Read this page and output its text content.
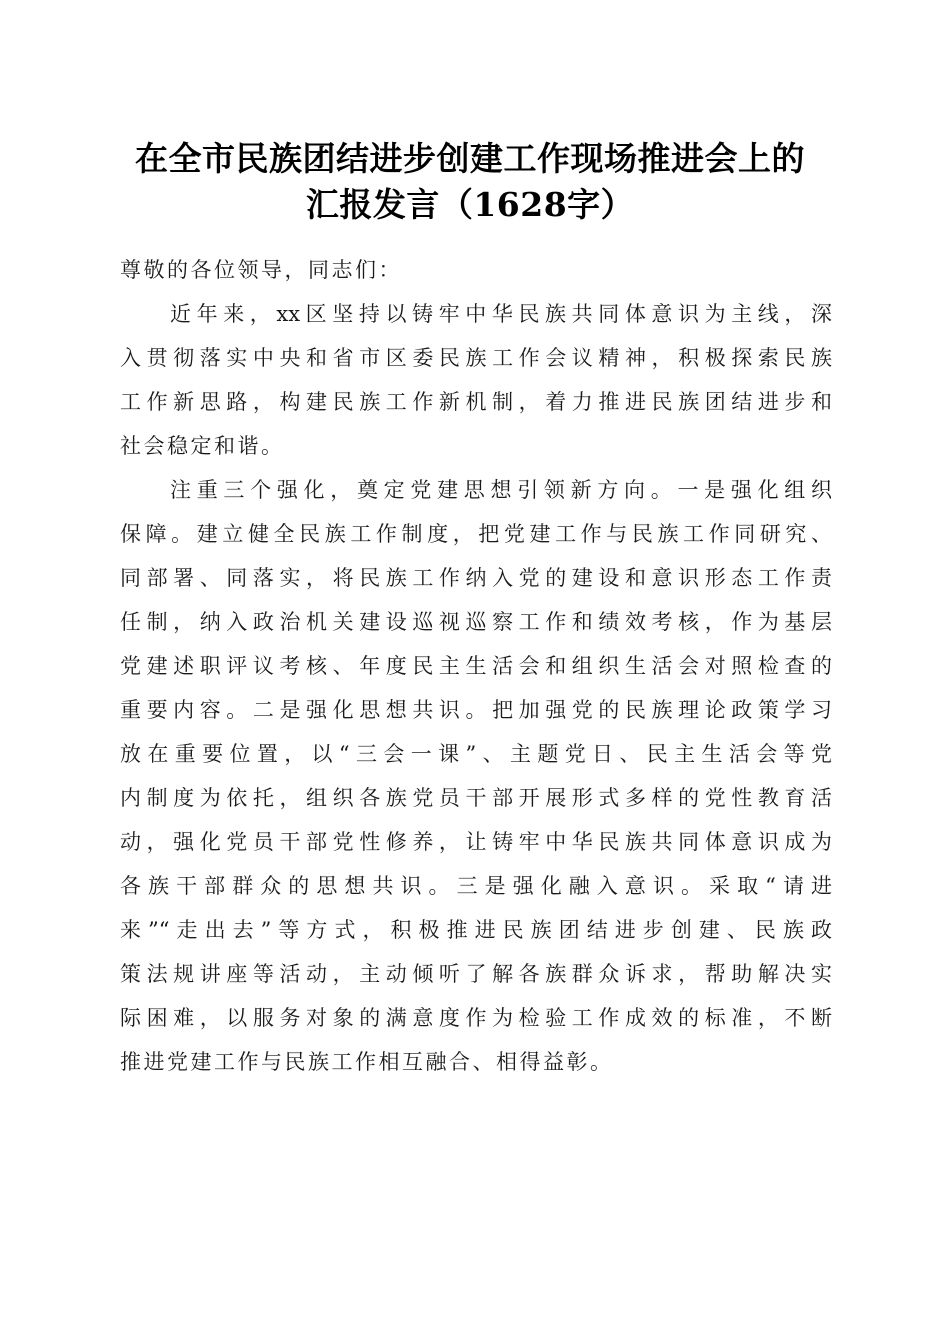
在全市民族团结进步创建工作现场推进会上的
汇报发言（1628字）
尊敬的各位领导，同志们：
近年来，xx区坚持以铸牢中华民族共同体意识为主线，深
入贯彻落实中央和省市区委民族工作会议精神，积极探索民族
工作新思路，构建民族工作新机制，着力推进民族团结进步和
社会稳定和谐。
注重三个强化，奠定党建思想引领新方向。一是强化组织
保障。建立健全民族工作制度，把党建工作与民族工作同研究、
同部署、同落实，将民族工作纳入党的建设和意识形态工作责
任制，纳入政治机关建设巡视巡察工作和绩效考核，作为基层
党建述职评议考核、年度民主生活会和组织生活会对照检查的
重要内容。二是强化思想共识。把加强党的民族理论政策学习
放在重要位置，以“三会一课”、主题党日、民主生活会等党
内制度为依托，组织各族党员干部开展形式多样的党性教育活
动，强化党员干部党性修养，让铸牢中华民族共同体意识成为
各族干部群众的思想共识。三是强化融入意识。采取“请进
来”“走出去”等方式，积极推进民族团结进步创建、民族政
策法规讲座等活动，主动倾听了解各族群众诉求，帮助解决实
际困难，以服务对象的满意度作为检验工作成效的标准，不断
推进党建工作与民族工作相互融合、相得益彰。
